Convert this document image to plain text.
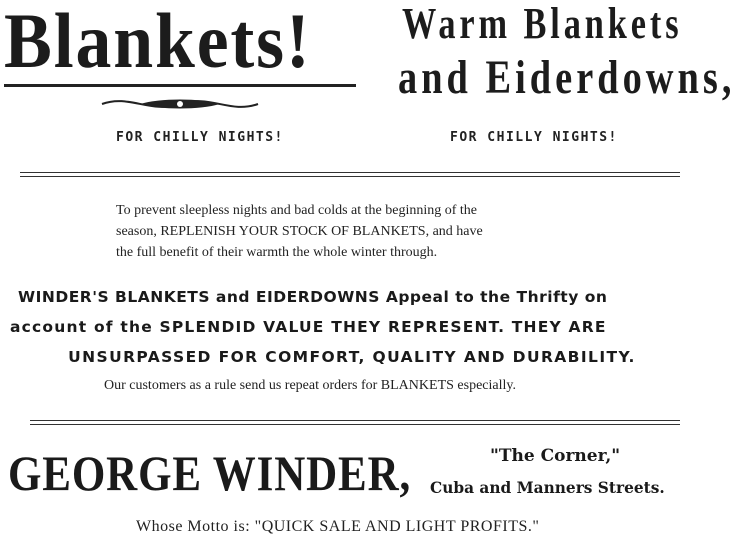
Blankets!	Warm Blankets
and Eiderdowns,
FOR CHILLY NIGHTS!	FOR CHILLY NIGHTS!
To prevent sleepless nights and bad colds at the beginning of the
season, REPLENISH YOUR STOCK OF BLANKETS, and have
the full benefit of their warmth the whole winter through.
WINDER'S BLANKETS and EIDERDOWNS Appeal to the Thrifty on
account of the SPLENDID VALUE THEY REPRESENT. THEY ARE
UNSURPASSED FOR COMFORT, QUALITY AND DURABILITY.
Our customers as a rule send us repeat orders for BLANKETS especially.
GEORGE WINDER,	"The Corner,"
Cuba and Manners Streets.
Whose Motto is: "QUICK SALE AND LIGHT PROFITS."
